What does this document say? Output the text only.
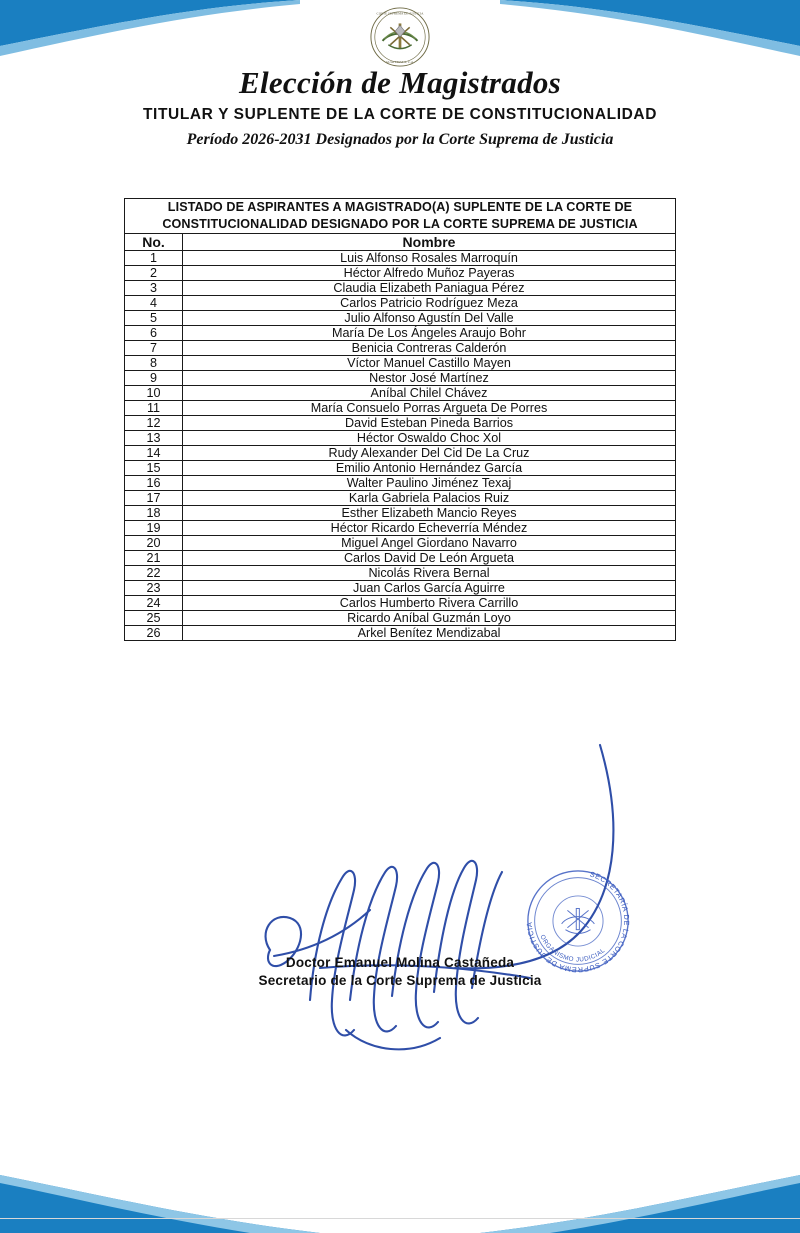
CORTE SUPREMA DE JUSTICIA
GUATEMALA, C.A.
Elección de Magistrados
TITULAR Y SUPLENTE DE LA CORTE DE CONSTITUCIONALIDAD
Período 2026-2031 Designados por la Corte Suprema de Justicia
LISTADO DE ASPIRANTES A MAGISTRADO(A) SUPLENTE DE LA CORTE DE CONSTITUCIONALIDAD DESIGNADO POR LA CORTE SUPREMA DE JUSTICIA	
No.	Nombre
1	Luis Alfonso Rosales Marroquín
2	Héctor Alfredo Muñoz Payeras
3	Claudia Elizabeth Paniagua Pérez
4	Carlos Patricio Rodríguez Meza
5	Julio Alfonso Agustín Del Valle
6	María De Los Ángeles Araujo Bohr
7	Benicia Contreras Calderón
8	Víctor Manuel Castillo Mayen
9	Nestor José Martínez
10	Aníbal Chilel Chávez
11	María Consuelo Porras Argueta De Porres
12	David Esteban Pineda Barrios
13	Héctor Oswaldo Choc Xol
14	Rudy Alexander Del Cid De La Cruz
15	Emilio Antonio Hernández García
16	Walter Paulino Jiménez Texaj
17	Karla Gabriela Palacios Ruiz
18	Esther Elizabeth Mancio Reyes
19	Héctor Ricardo Echeverría Méndez
20	Miguel Angel Giordano Navarro
21	Carlos David De León Argueta
22	Nicolás Rivera Bernal
23	Juan Carlos García Aguirre
24	Carlos Humberto Rivera Carrillo
25	Ricardo Aníbal Guzmán Loyo
26	Arkel Benítez Mendizabal
SECRETARÍA DE LA CORTE SUPREMA DE JUSTICIA
ORGANISMO JUDICIAL
Doctor Emanuel Molina Castañeda
Secretario de la Corte Suprema de Justicia
